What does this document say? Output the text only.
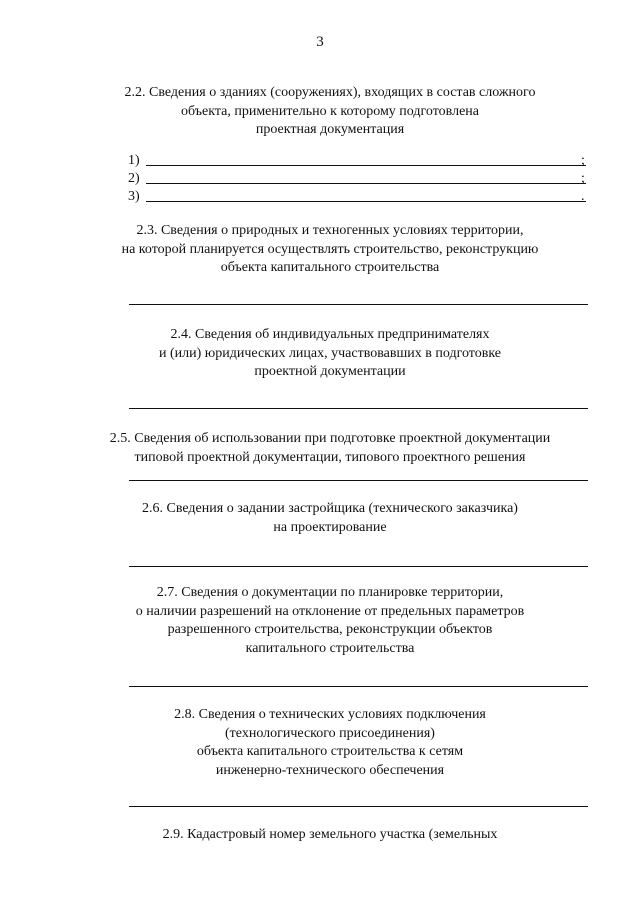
3

2.2. Сведения о зданиях (сооружениях), входящих в состав сложного

объекта, применительно к которому подготовлена

проектная документация

1)	;
2)	;
3)	.

2.3. Сведения о природных и техногенных условиях территории,

на которой планируется осуществлять строительство, реконструкцию

объекта капитального строительства

2.4. Сведения об индивидуальных предпринимателях

и (или) юридических лицах, участвовавших в подготовке

проектной документации

2.5. Сведения об использовании при подготовке проектной документации

типовой проектной документации, типового проектного решения

2.6. Сведения о задании застройщика (технического заказчика)

на проектирование

2.7. Сведения о документации по планировке территории,

о наличии разрешений на отклонение от предельных параметров

разрешенного строительства, реконструкции объектов

капитального строительства

2.8. Сведения о технических условиях подключения

(технологического присоединения)

объекта капитального строительства к сетям

инженерно-технического обеспечения

2.9. Кадастровый номер земельного участка (земельных
